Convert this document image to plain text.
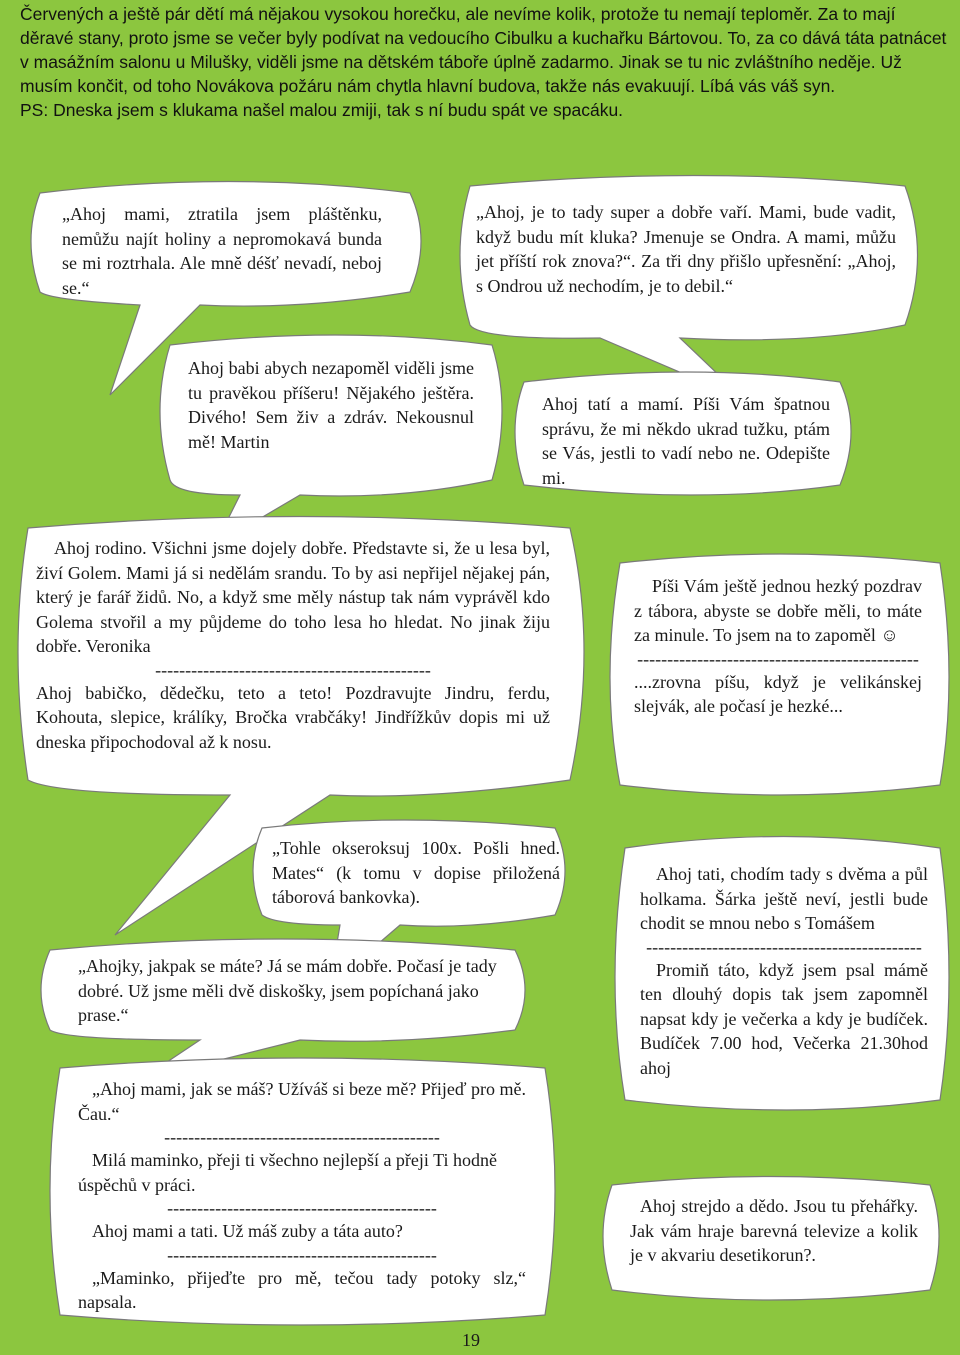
Červených a ještě pár dětí má nějakou vysokou horečku, ale nevíme kolik, protože tu nemají teploměr. Za to mají děravé stany, proto jsme se večer byly podívat na vedoucího Cibulku a kuchařku Bártovou. To, za co dává táta patnácet v masážním salonu u Milušky, viděli jsme na dětském táboře úplně zadarmo. Jinak se tu nic zvláštního neděje. Už musím končit, od toho Novákova požáru nám chytla hlavní budova, takže nás evakuují. Líbá vás váš syn.

PS: Dneska jsem s klukama našel malou zmiji, tak s ní budu spát ve spacáku.

„Ahoj mami, ztratila jsem pláštěnku, nemůžu najít holiny a nepromokavá bunda se mi roztrhala. Ale mně déšť nevadí, neboj se.“
„Ahoj, je to tady super a dobře vaří. Mami, bude vadit, když budu mít kluka? Jmenuje se Ondra. A mami, můžu jet příští rok znova?“. Za tři dny přišlo upřesnění: „Ahoj, s Ondrou už nechodím, je to debil.“
Ahoj babi abych nezapoměl viděli jsme tu pravěkou příšeru! Nějakého ještěra. Divého! Sem živ a zdráv. Nekousnul mě! Martin
Ahoj tatí a mamí. Píši Vám špatnou správu, že mi někdo ukrad tužku, ptám se Vás, jestli to vadí nebo ne. Odepište mi.

Ahoj rodino. Všichni jsme dojely dobře. Představte si, že u lesa byl, živí Golem. Mami já si nedělám srandu. To by asi nepřijel nějakej pán, který je farář židů. No, a když sme měly nástup tak nám vyprávěl kdo Golema stvořil a my půjdeme do toho lesa ho hledat. No jinak žiju dobře. Veronika

----------------------------------------------

Ahoj babičko, dědečku, teto a teto! Pozdravujte Jindru, ferdu, Kohouta, slepice, králíky, Bročka vrabčáky! Jindřížkův dopis mi už dneska připochodoval až k nosu.

Píši Vám ještě jednou hezký pozdrav z tábora, abyste se dobře měli, to máte za minule. To jsem na to zapoměl ☺

-----------------------------------------------

....zrovna píšu, když je velikánskej slejvák, ale počasí je hezké...

„Tohle okseroksuj 100x. Pošli hned. Mates“ (k tomu v dopise přiložená táborová bankovka).

Ahoj tati, chodím tady s dvěma a půl holkama. Šárka ještě neví, jestli bude chodit se mnou nebo s Tomášem

----------------------------------------------

Promiň táto, když jsem psal mámě ten dlouhý dopis tak jsem zapomněl napsat kdy je večerka a kdy je budíček. Budíček 7.00 hod, Večerka 21.30hod ahoj

„Ahojky, jakpak se máte? Já se mám dobře. Počasí je tady dobré. Už jsme měli dvě diskošky, jsem popíchaná jako prase.“

„Ahoj mami, jak se máš? Užíváš si beze mě? Přijeď pro mě. Čau.“

----------------------------------------------

Milá maminko, přeji ti všechno nejlepší a přeji Ti hodně úspěchů v práci.

---------------------------------------------

Ahoj mami a tati. Už máš zuby a táta auto?

---------------------------------------------

„Maminko, přijeďte pro mě, tečou tady potoky slz,“ napsala.

Ahoj strejdo a dědo. Jsou tu přehářky. Jak vám hraje barevná televize a kolik je v akvariu desetikorun?.
19
